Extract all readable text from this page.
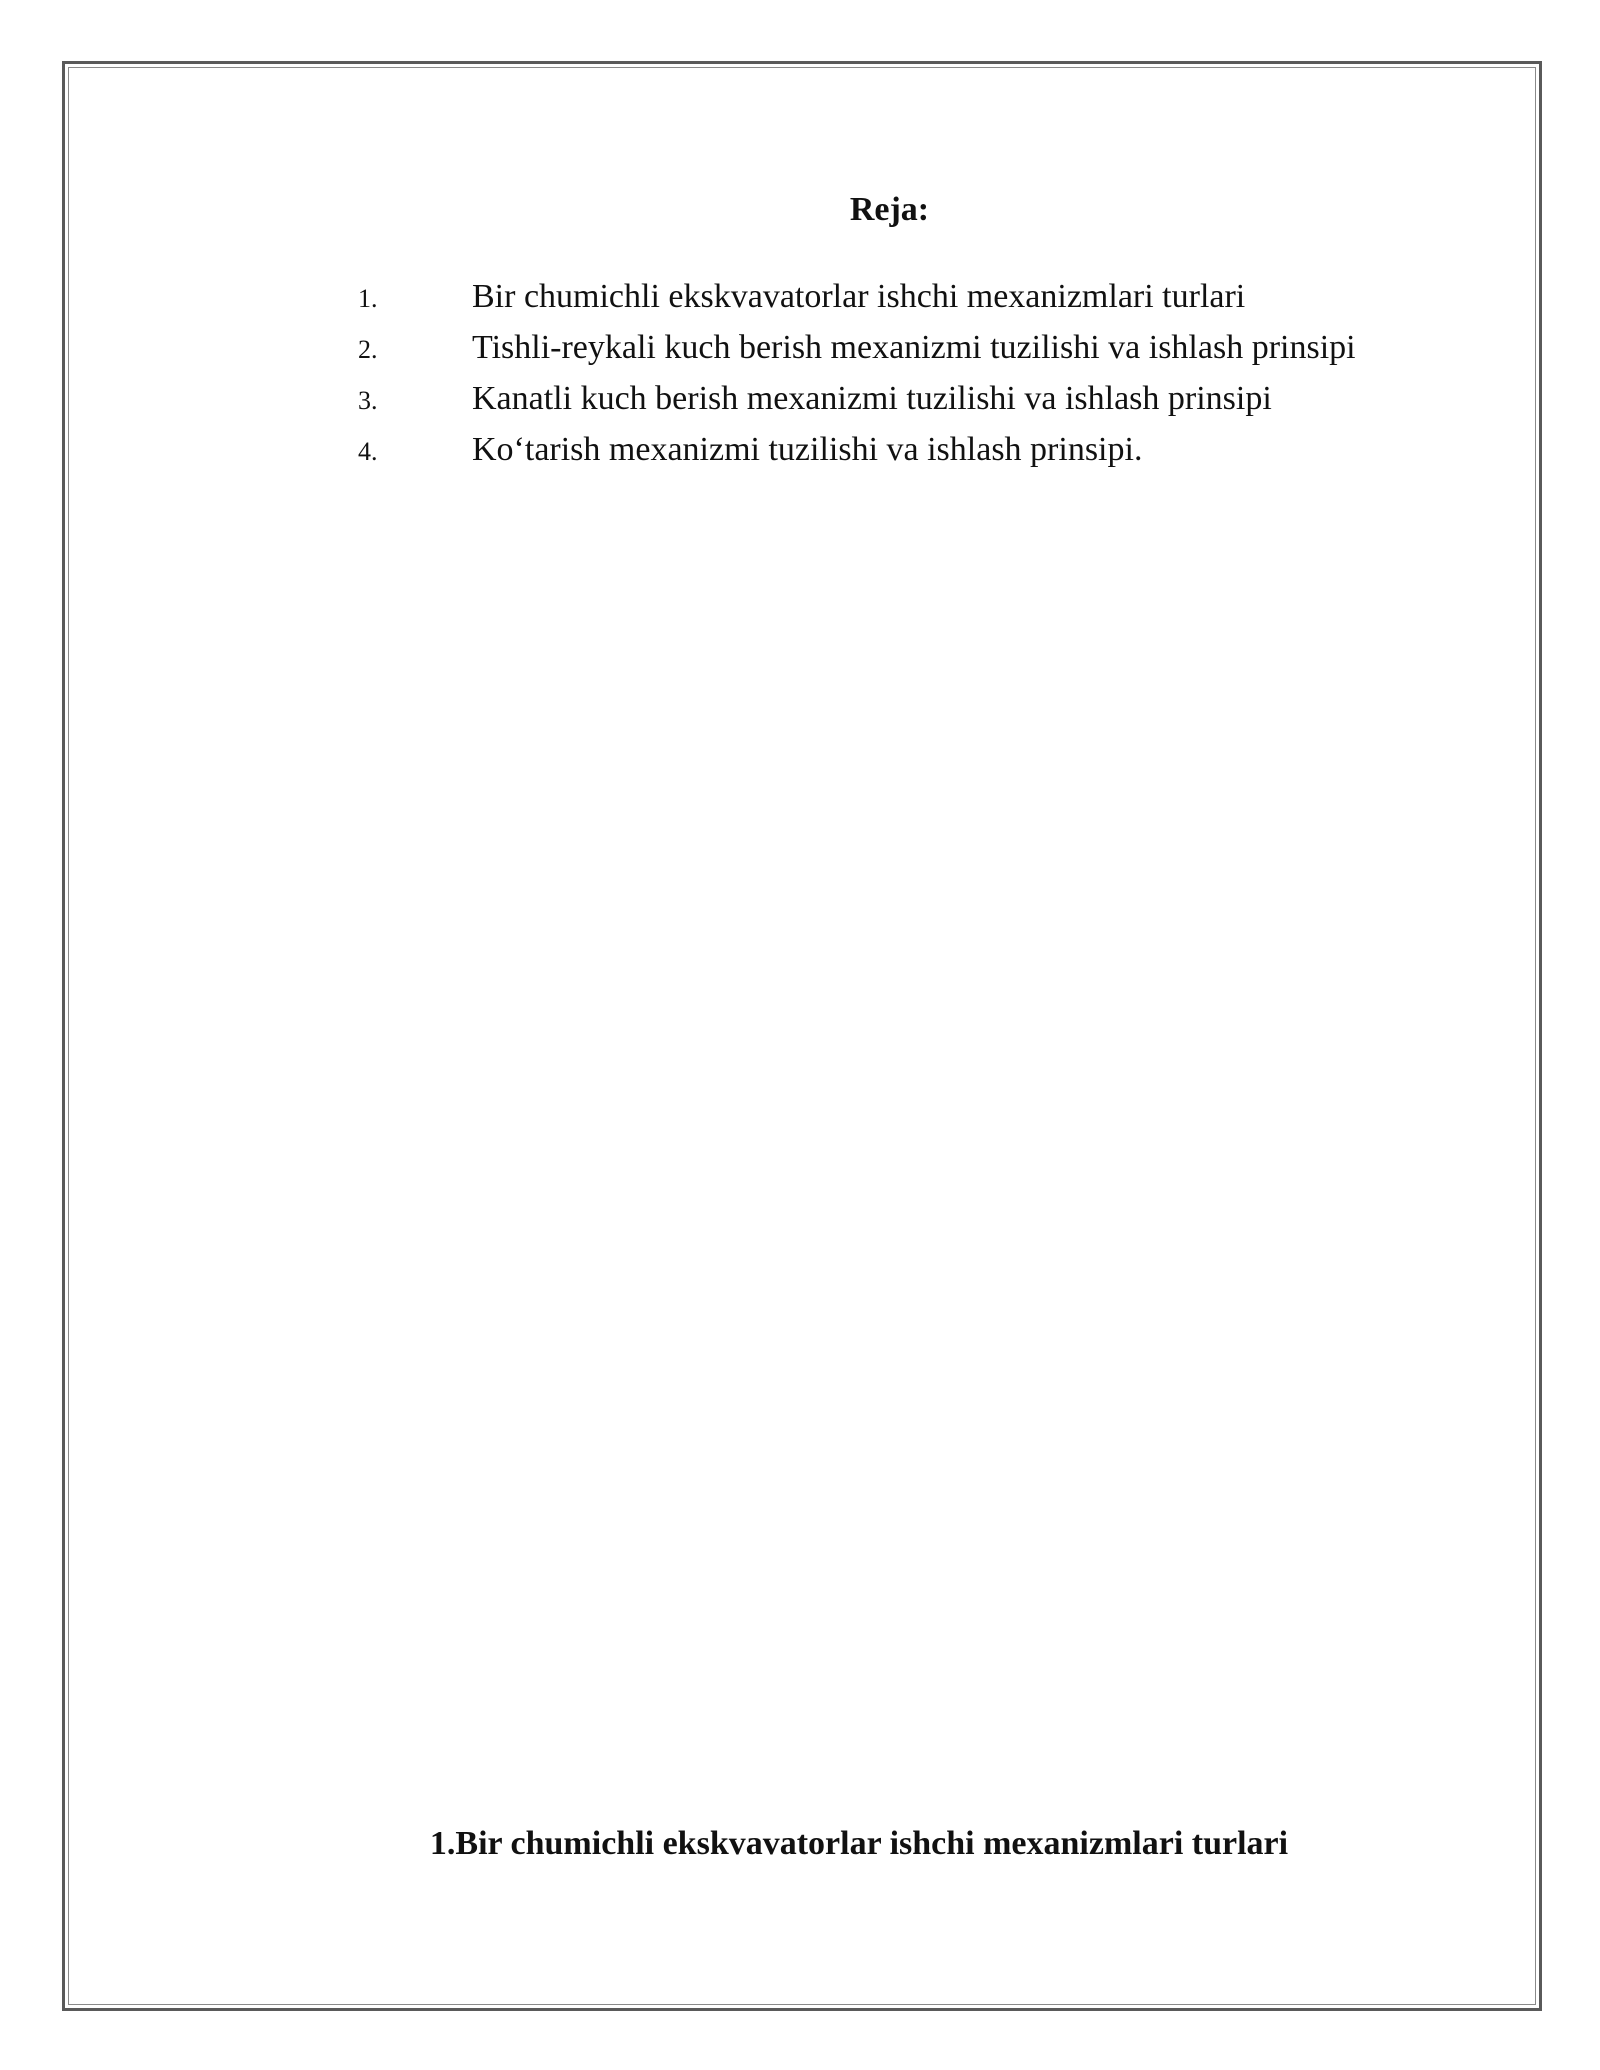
Reja:
1.	Bir chumichli ekskvavatorlar ishchi mexanizmlari turlari
2.	Tishli-reykali kuch berish mexanizmi tuzilishi va ishlash prinsipi
3.	Kanatli kuch berish mexanizmi tuzilishi va ishlash prinsipi
4.	Ko‘tarish mexanizmi tuzilishi va ishlash prinsipi.
1.Bir chumichli ekskvavatorlar ishchi mexanizmlari turlari
